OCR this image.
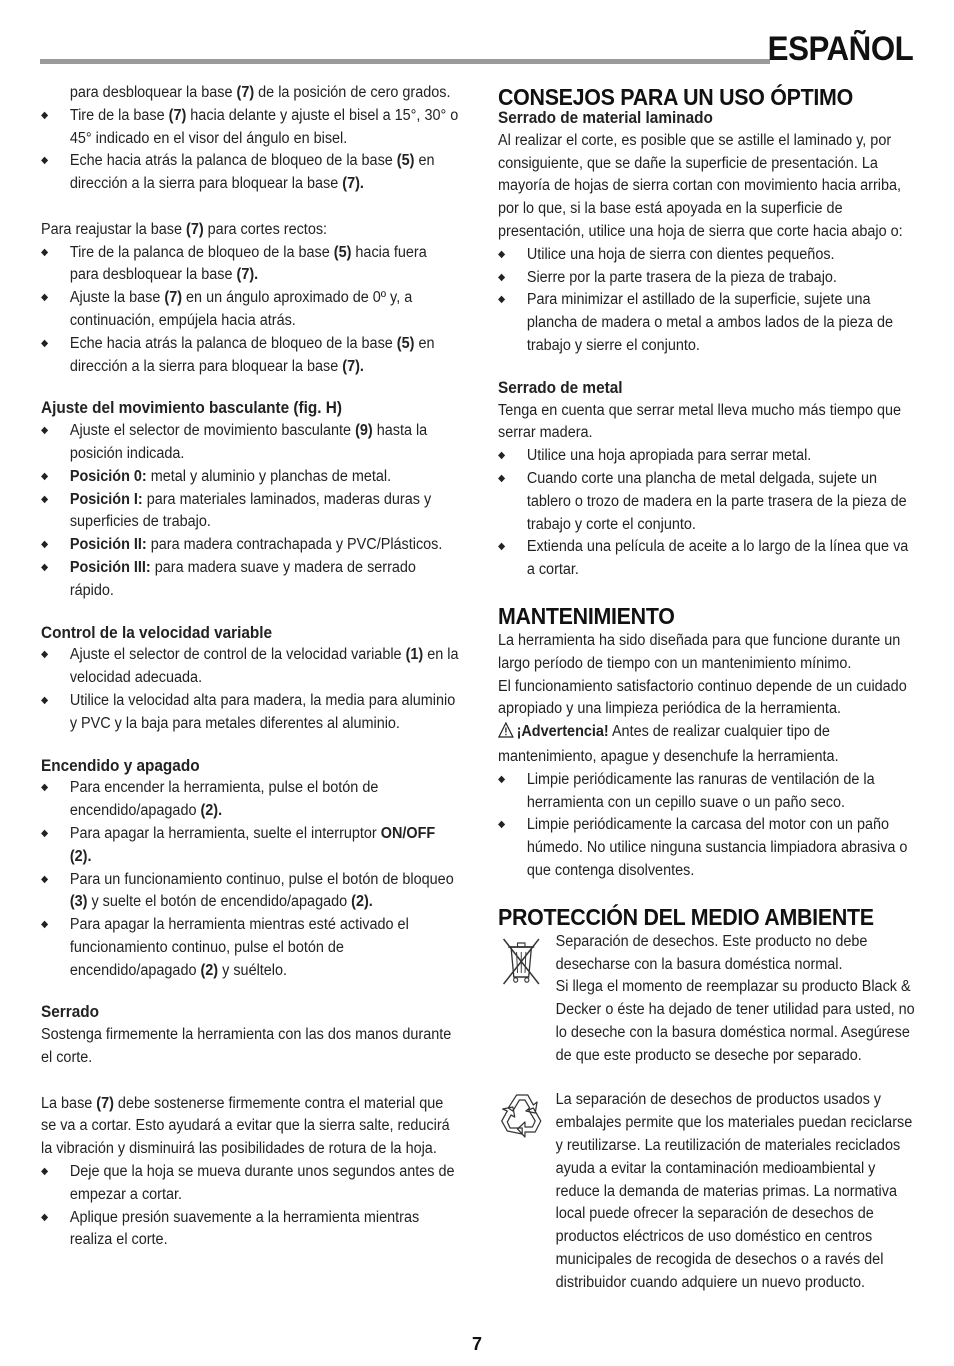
ESPAÑOL

para desbloquear la base (7) de la posición de cero grados.

◆ Tire de la base (7) hacia delante y ajuste el bisel a 15°, 30° o 45° indicado en el visor del ángulo en bisel.
◆ Eche hacia atrás la palanca de bloqueo de la base (5) en dirección a la sierra para bloquear la base (7).

Para reajustar la base (7) para cortes rectos:

◆ Tire de la palanca de bloqueo de la base (5) hacia fuera para desbloquear la base (7).
◆ Ajuste la base (7) en un ángulo aproximado de 0º y, a continuación, empújela hacia atrás.
◆ Eche hacia atrás la palanca de bloqueo de la base (5) en dirección a la sierra para bloquear la base (7).

Ajuste del movimiento basculante (fig. H)

◆ Ajuste el selector de movimiento basculante (9) hasta la posición indicada.
◆ Posición 0: metal y aluminio y planchas de metal.
◆ Posición I: para materiales laminados, maderas duras y superficies de trabajo.
◆ Posición II: para madera contrachapada y PVC/Plásticos.
◆ Posición III: para madera suave y madera de serrado rápido.

Control de la velocidad variable

◆ Ajuste el selector de control de la velocidad variable (1) en la velocidad adecuada.
◆ Utilice la velocidad alta para madera, la media para aluminio y PVC y la baja para metales diferentes al aluminio.

Encendido y apagado

◆ Para encender la herramienta, pulse el botón de encendido/apagado (2).
◆ Para apagar la herramienta, suelte el interruptor ON/OFF (2).
◆ Para un funcionamiento continuo, pulse el botón de bloqueo (3) y suelte el botón de encendido/apagado (2).
◆ Para apagar la herramienta mientras esté activado el funcionamiento continuo, pulse el botón de encendido/apagado (2) y suéltelo.

Serrado

Sostenga firmemente la herramienta con las dos manos durante el corte.

La base (7) debe sostenerse firmemente contra el material que se va a cortar. Esto ayudará a evitar que la sierra salte, reducirá la vibración y disminuirá las posibilidades de rotura de la hoja.

◆ Deje que la hoja se mueva durante unos segundos antes de empezar a cortar.
◆ Aplique presión suavemente a la herramienta mientras realiza el corte.

CONSEJOS PARA UN USO ÓPTIMO

Serrado de material laminado

Al realizar el corte, es posible que se astille el laminado y, por consiguiente, que se dañe la superficie de presentación. La mayoría de hojas de sierra cortan con movimiento hacia arriba, por lo que, si la base está apoyada en la superficie de presentación, utilice una hoja de sierra que corte hacia abajo o:

◆ Utilice una hoja de sierra con dientes pequeños.
◆ Sierre por la parte trasera de la pieza de trabajo.
◆ Para minimizar el astillado de la superficie, sujete una plancha de madera o metal a ambos lados de la pieza de trabajo y sierre el conjunto.

Serrado de metal

Tenga en cuenta que serrar metal lleva mucho más tiempo que serrar madera.

◆ Utilice una hoja apropiada para serrar metal.
◆ Cuando corte una plancha de metal delgada, sujete un tablero o trozo de madera en la parte trasera de la pieza de trabajo y corte el conjunto.
◆ Extienda una película de aceite a lo largo de la línea que va a cortar.

MANTENIMIENTO

La herramienta ha sido diseñada para que funcione durante un largo período de tiempo con un mantenimiento mínimo.

El funcionamiento satisfactorio continuo depende de un cuidado apropiado y una limpieza periódica de la herramienta.

¡Advertencia! Antes de realizar cualquier tipo de mantenimiento, apague y desenchufe la herramienta.

◆ Limpie periódicamente las ranuras de ventilación de la herramienta con un cepillo suave o un paño seco.
◆ Limpie periódicamente la carcasa del motor con un paño húmedo. No utilice ninguna sustancia limpiadora abrasiva o que contenga disolventes.

PROTECCIÓN DEL MEDIO AMBIENTE

Separación de desechos. Este producto no debe desecharse con la basura doméstica normal.

Si llega el momento de reemplazar su producto Black & Decker o éste ha dejado de tener utilidad para usted, no lo deseche con la basura doméstica normal. Asegúrese de que este producto se deseche por separado.

La separación de desechos de productos usados y embalajes permite que los materiales puedan reciclarse y reutilizarse. La reutilización de materiales reciclados ayuda a evitar la contaminación medioambiental y reduce la demanda de materias primas. La normativa local puede ofrecer la separación de desechos de productos eléctricos de uso doméstico en centros municipales de recogida de desechos o a ravés del distribuidor cuando adquiere un nuevo producto.

7
